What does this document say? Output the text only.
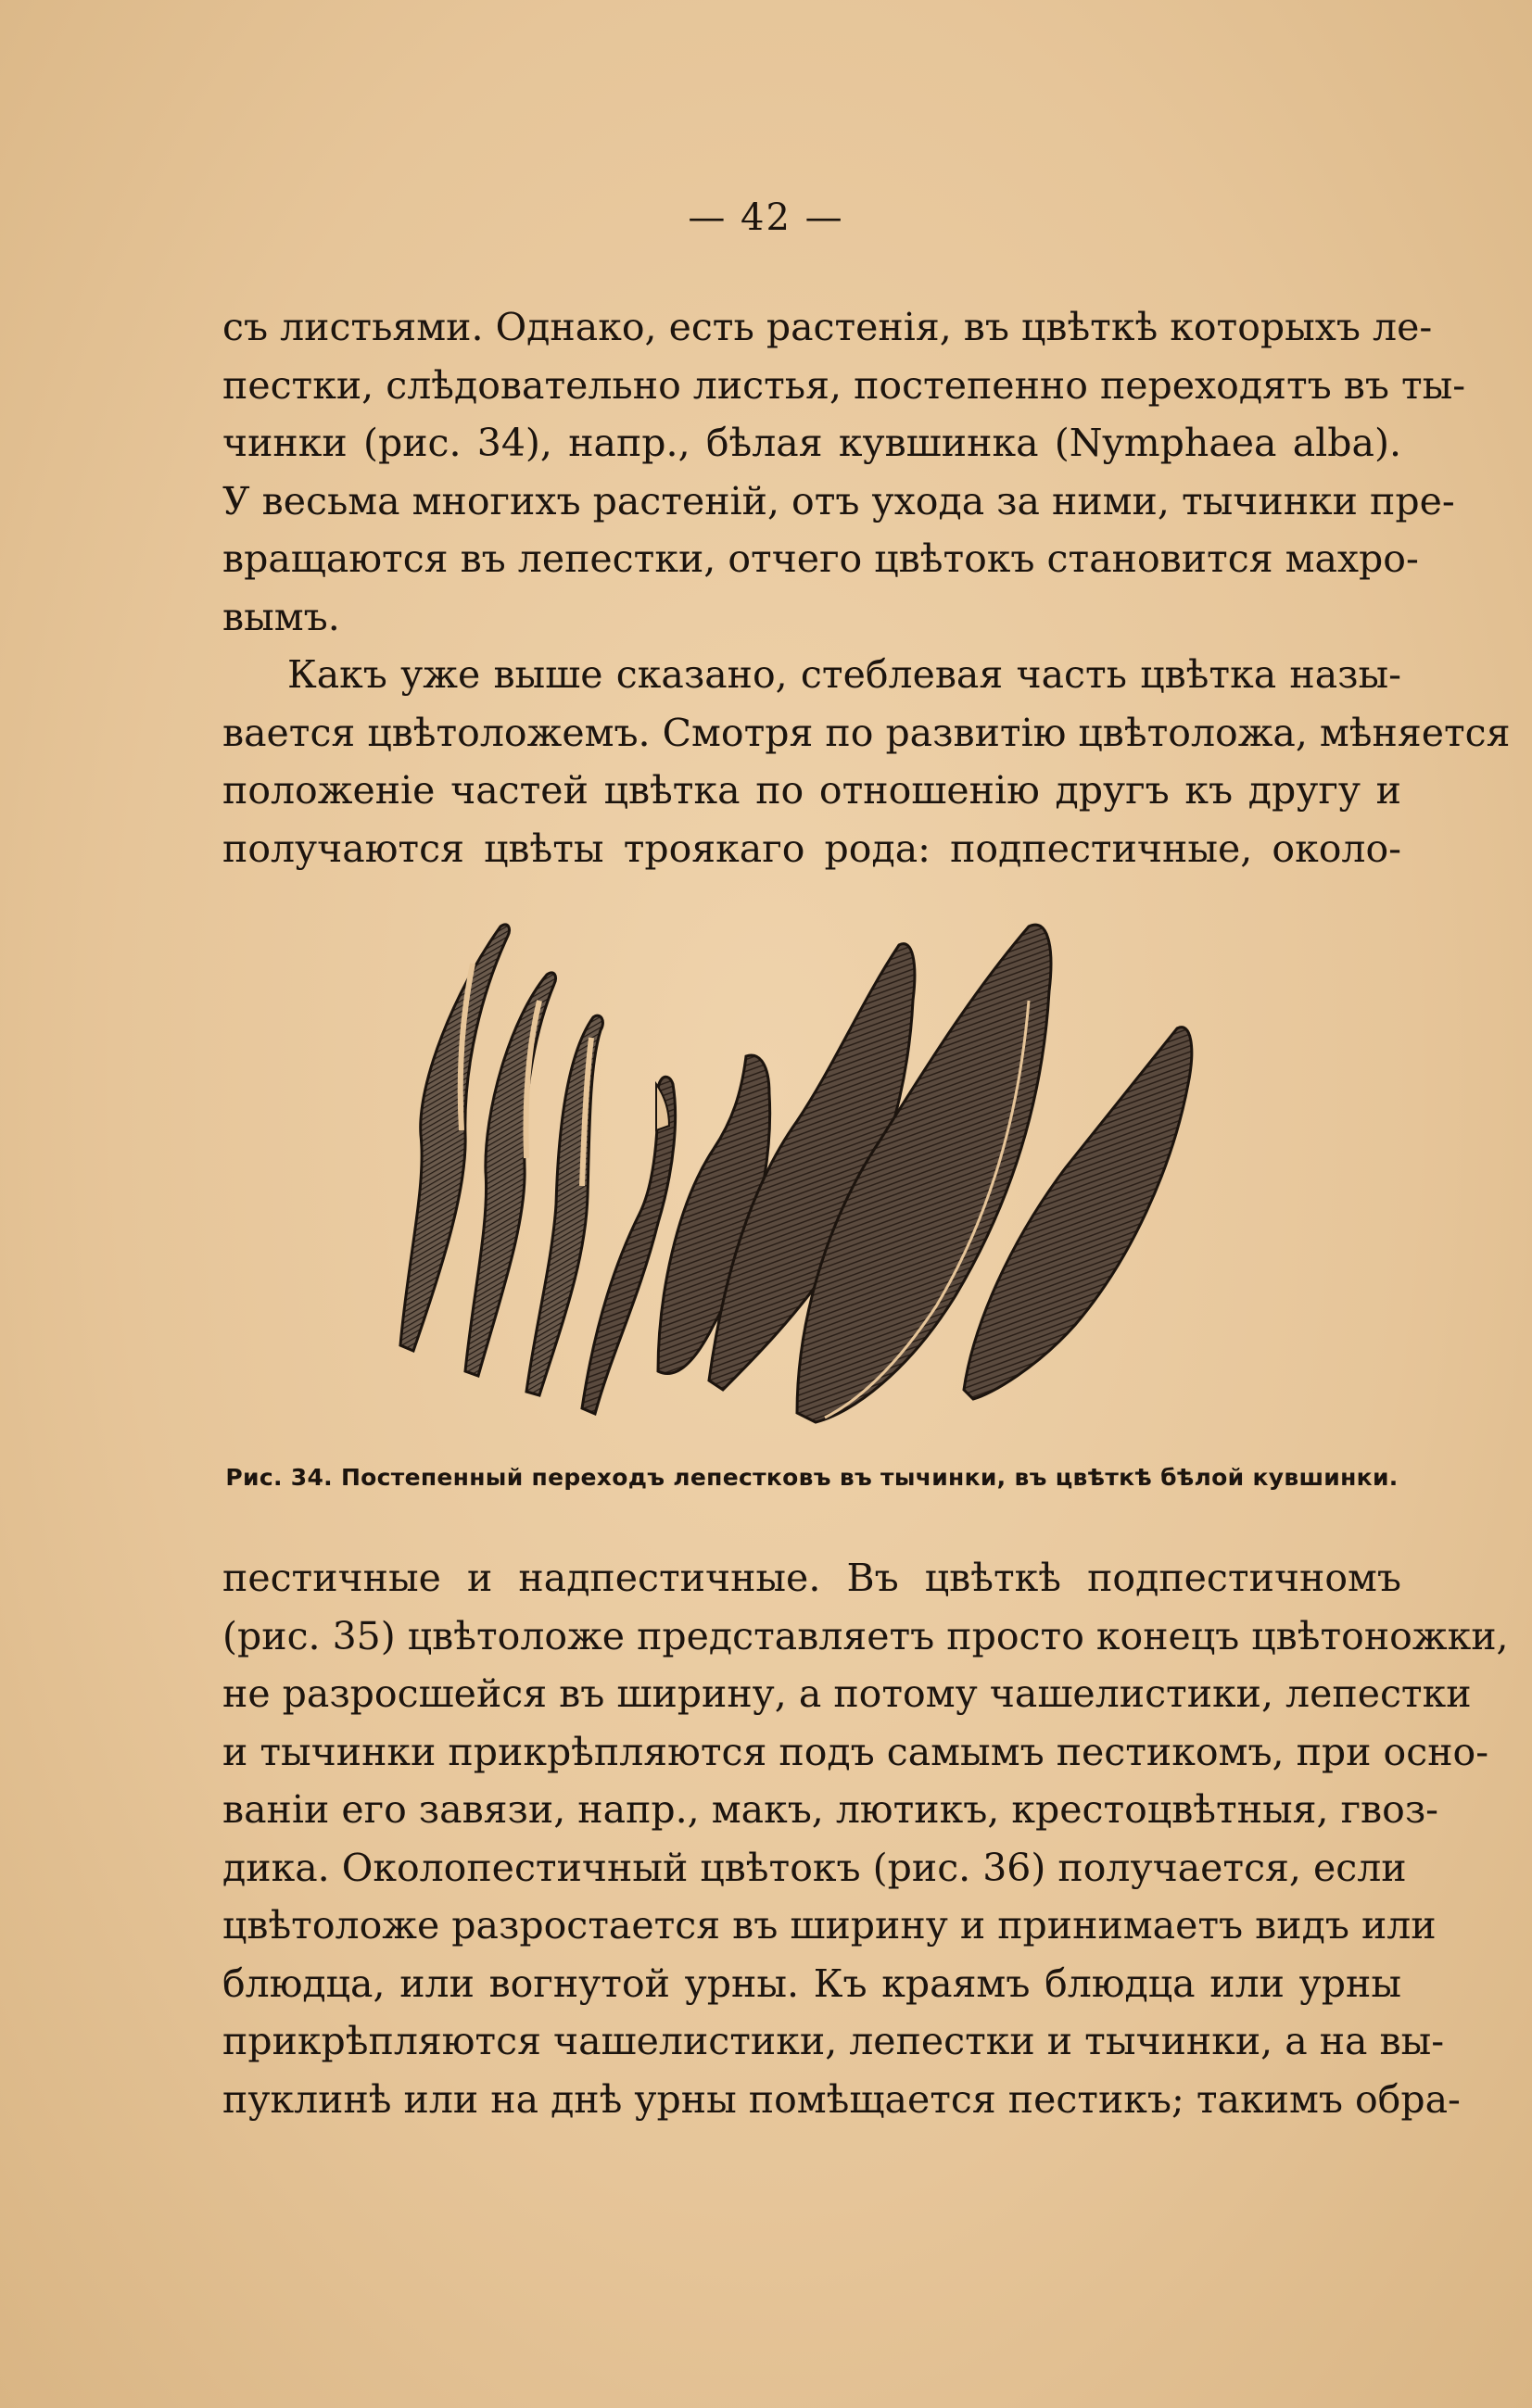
— 42 —
съ листьями. Однако, есть растенія, въ цвѣткѣ которыхъ ле-
пестки, слѣдовательно листья, постепенно переходятъ въ ты-
чинки (рис. 34), напр., бѣлая кувшинка (Nymphaea alba).
У весьма многихъ растеній, отъ ухода за ними, тычинки пре-
вращаются въ лепестки, отчего цвѣтокъ становится махро-
вымъ.
Какъ уже выше сказано, стеблевая часть цвѣтка назы-
вается цвѣтоложемъ. Смотря по развитію цвѣтоложа, мѣняется
положеніе частей цвѣтка по отношенію другъ къ другу и
получаются цвѣты троякаго рода: подпестичные, около-
Рис. 34. Постепенный переходъ лепестковъ въ тычинки, въ цвѣткѣ бѣлой кувшинки.
пестичные и надпестичные. Въ цвѣткѣ подпестичномъ
(рис. 35) цвѣтоложе представляетъ просто конецъ цвѣтоножки,
не разросшейся въ ширину, а потому чашелистики, лепестки
и тычинки прикрѣпляются подъ самымъ пестикомъ, при осно-
ваніи его завязи, напр., макъ, лютикъ, крестоцвѣтныя, гвоз-
дика. Околопестичный цвѣтокъ (рис. 36) получается, если
цвѣтоложе разростается въ ширину и принимаетъ видъ или
блюдца, или вогнутой урны. Къ краямъ блюдца или урны
прикрѣпляются чашелистики, лепестки и тычинки, а на вы-
пуклинѣ или на днѣ урны помѣщается пестикъ; такимъ обра-
